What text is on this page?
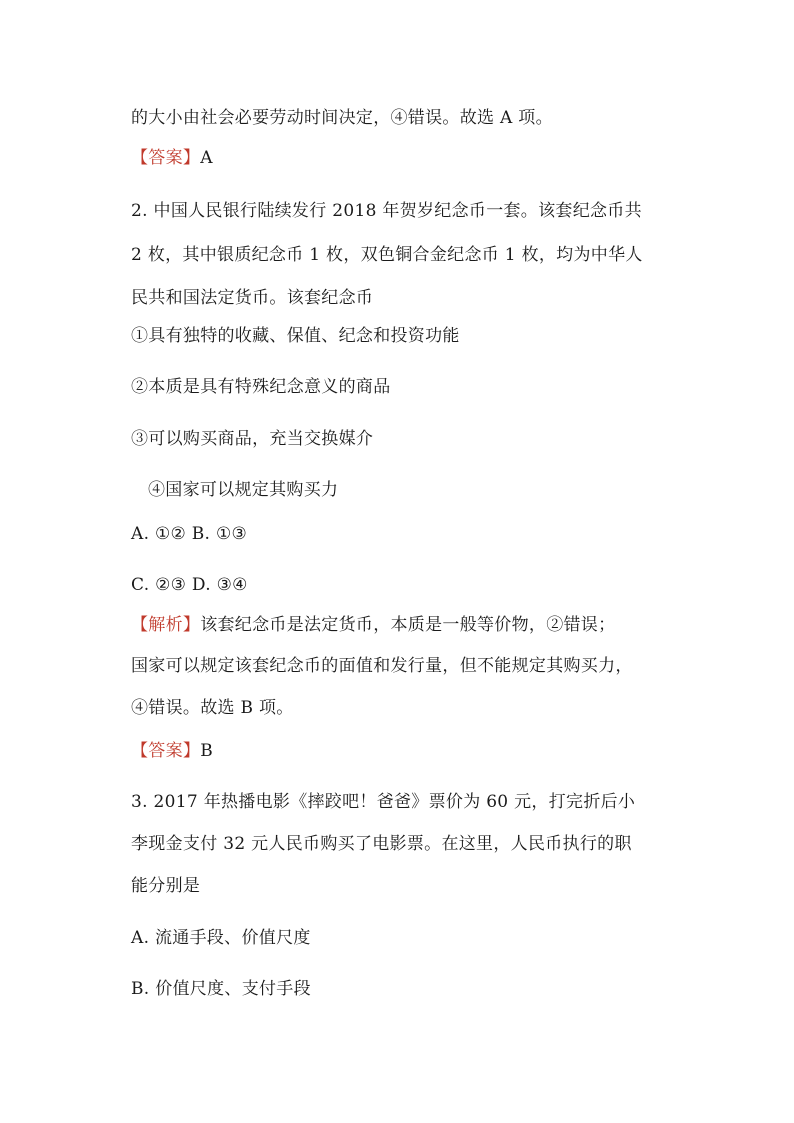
的大小由社会必要劳动时间决定，④错误。故选 A 项。
【答案】A
2. 中国人民银行陆续发行 2018 年贺岁纪念币一套。该套纪念币共
2 枚，其中银质纪念币 1 枚，双色铜合金纪念币 1 枚，均为中华人
民共和国法定货币。该套纪念币
①具有独特的收藏、保值、纪念和投资功能
②本质是具有特殊纪念意义的商品
③可以购买商品，充当交换媒介
④国家可以规定其购买力
A. ①② B. ①③
C. ②③ D. ③④
【解析】该套纪念币是法定货币，本质是一般等价物，②错误；
国家可以规定该套纪念币的面值和发行量，但不能规定其购买力，
④错误。故选 B 项。
【答案】B
3. 2017 年热播电影《摔跤吧！爸爸》票价为 60 元，打完折后小
李现金支付 32 元人民币购买了电影票。在这里，人民币执行的职
能分别是
A. 流通手段、价值尺度
B. 价值尺度、支付手段
